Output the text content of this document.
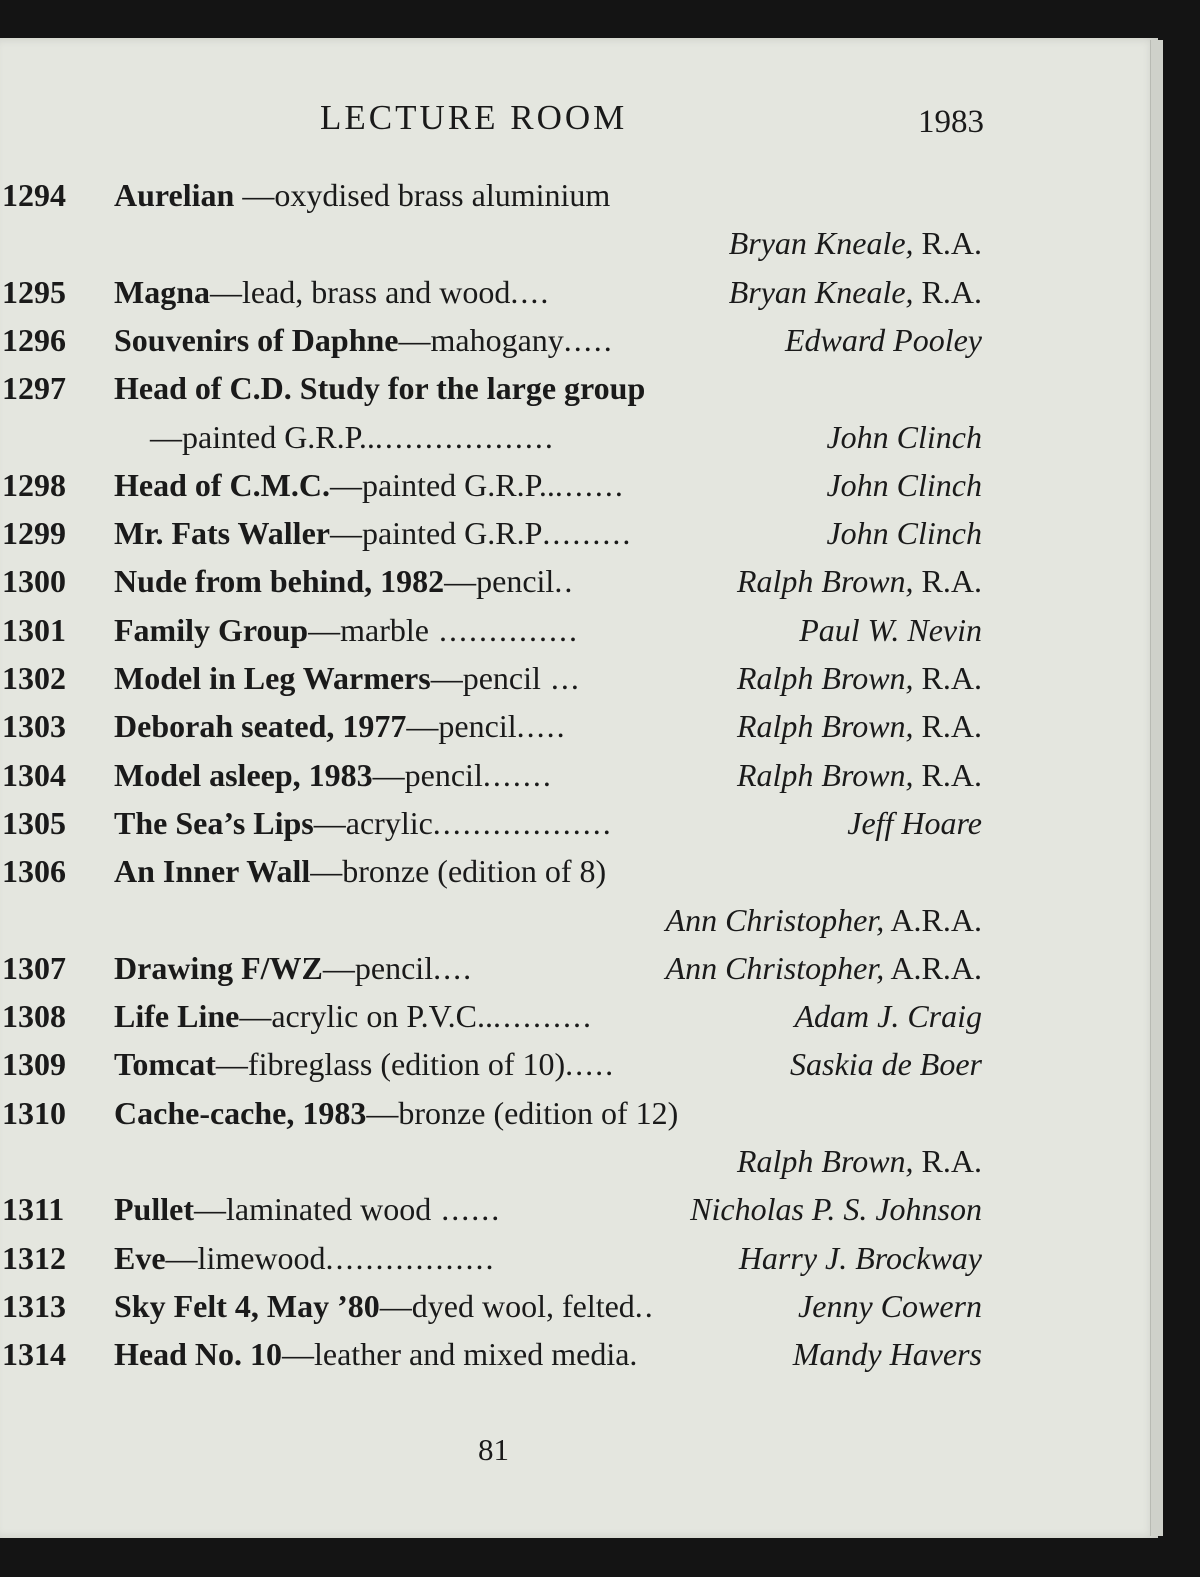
LECTURE ROOM	1983
1294 Aurelian —oxydised brass aluminium
Bryan Kneale, R.A.
1295 Magna—lead, brass and wood....	Bryan Kneale, R.A.
1296 Souvenirs of Daphne—mahogany.....	Edward Pooley
1297 Head of C.D. Study for the large group
—painted G.R.P....................	John Clinch
1298 Head of C.M.C.—painted G.R.P.........	John Clinch
1299 Mr. Fats Waller—painted G.R.P.........	John Clinch
1300 Nude from behind, 1982—pencil..	Ralph Brown, R.A.
1301 Family Group—marble ..............	Paul W. Nevin
1302 Model in Leg Warmers—pencil ...	Ralph Brown, R.A.
1303 Deborah seated, 1977—pencil.....	Ralph Brown, R.A.
1304 Model asleep, 1983—pencil.......	Ralph Brown, R.A.
1305 The Sea’s Lips—acrylic..................	Jeff Hoare
1306 An Inner Wall—bronze (edition of 8)
Ann Christopher, A.R.A.
1307 Drawing F/WZ—pencil....	Ann Christopher, A.R.A.
1308 Life Line—acrylic on P.V.C............	Adam J. Craig
1309 Tomcat—fibreglass (edition of 10).....	Saskia de Boer
1310 Cache-cache, 1983—bronze (edition of 12)
Ralph Brown, R.A.
1311 Pullet—laminated wood ......	Nicholas P. S. Johnson
1312 Eve—limewood.................	Harry J. Brockway
1313 Sky Felt 4, May ’80—dyed wool, felted..	Jenny Cowern
1314 Head No. 10—leather and mixed media.	Mandy Havers
81
